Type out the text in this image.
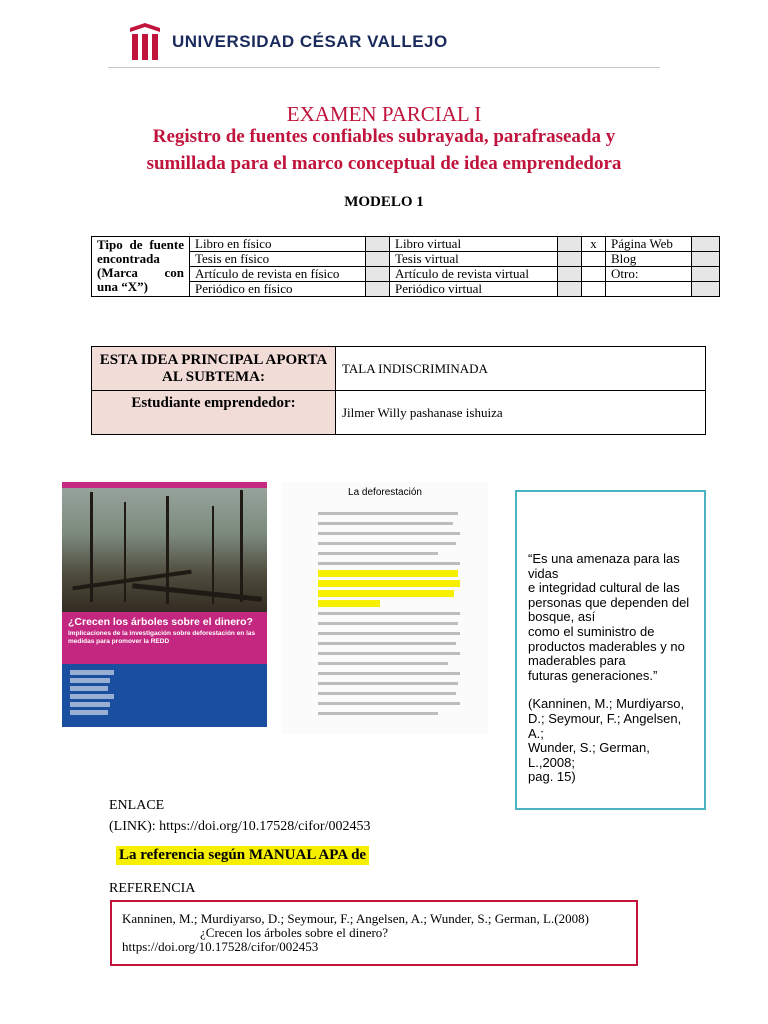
UNIVERSIDAD CÉSAR VALLEJO
EXAMEN PARCIAL I
Registro de fuentes confiables subrayada, parafraseada y
sumillada para el marco conceptual de idea emprendedora
MODELO 1
Tipo de fuente encontrada (Marca con una “X”)	Libro en físico		Libro virtual		x	Página Web	
	Tesis en físico		Tesis virtual			Blog	
	Artículo de revista en físico		Artículo de revista virtual			Otro:	
	Periódico en físico		Periódico virtual				
ESTA IDEA PRINCIPAL APORTA AL SUBTEMA:	TALA INDISCRIMINADA
Estudiante emprendedor:	Jilmer Willy pashanase ishuiza
¿Crecen los árboles sobre el dinero?
Implicaciones de la investigación sobre deforestación en las medidas para promover la REDD
La deforestación
“Es una amenaza para las vidas
e integridad cultural de las
personas que dependen del
bosque, así
como el suministro de
productos maderables y no
maderables para
futuras generaciones.”
(Kanninen, M.; Murdiyarso,
D.; Seymour, F.; Angelsen, A.;
Wunder, S.; German, L.,2008;
pag. 15)
ENLACE
(LINK): https://doi.org/10.17528/cifor/002453
La referencia según MANUAL APA de
REFERENCIA
Kanninen, M.; Murdiyarso, D.; Seymour, F.; Angelsen, A.; Wunder, S.; German, L.(2008)
¿Crecen los árboles sobre el dinero?
https://doi.org/10.17528/cifor/002453
